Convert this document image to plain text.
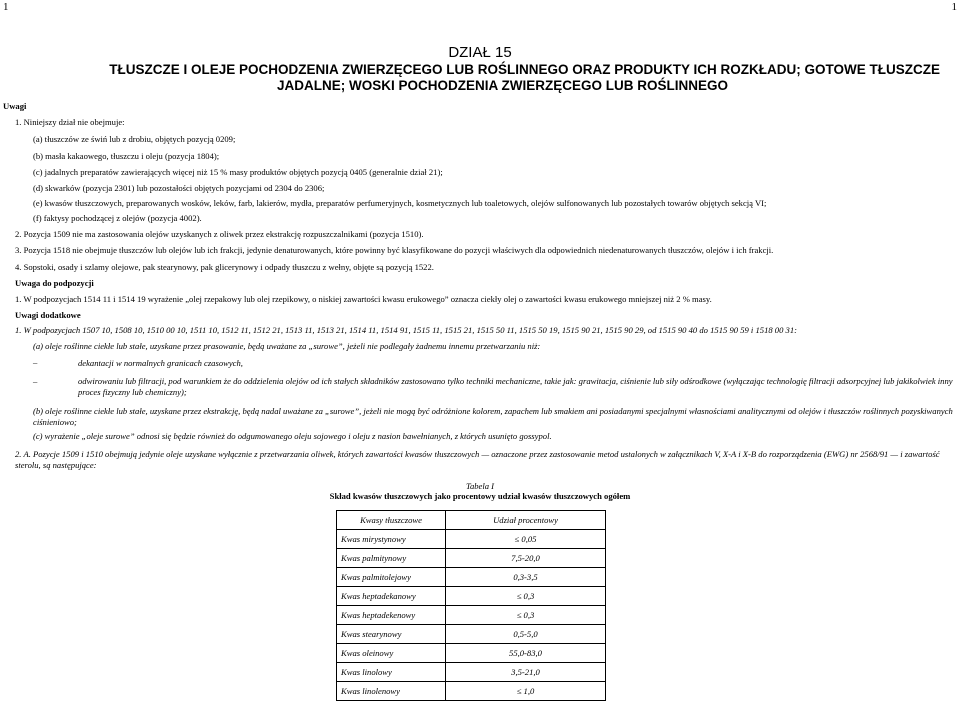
1	1
DZIAŁ 15
TŁUSZCZE I OLEJE POCHODZENIA ZWIERZĘCEGO LUB ROŚLINNEGO ORAZ PRODUKTY ICH ROZKŁADU; GOTOWE TŁUSZCZE
JADALNE; WOSKI POCHODZENIA ZWIERZĘCEGO LUB ROŚLINNEGO
Uwagi
1. Niniejszy dział nie obejmuje:
(a) tłuszczów ze świń lub z drobiu, objętych pozycją 0209;
(b) masła kakaowego, tłuszczu i oleju (pozycja 1804);
(c) jadalnych preparatów zawierających więcej niż 15 % masy produktów objętych pozycją 0405 (generalnie dział 21);
(d) skwarków (pozycja 2301) lub pozostałości objętych pozycjami od 2304 do 2306;
(e) kwasów tłuszczowych, preparowanych wosków, leków, farb, lakierów, mydła, preparatów perfumeryjnych, kosmetycznych lub toaletowych, olejów sulfonowanych lub pozostałych towarów objętych sekcją VI;
(f) faktysy pochodzącej z olejów (pozycja 4002).
2. Pozycja 1509 nie ma zastosowania olejów uzyskanych z oliwek przez ekstrakcję rozpuszczalnikami (pozycja 1510).
3. Pozycja 1518 nie obejmuje tłuszczów lub olejów lub ich frakcji, jedynie denaturowanych, które powinny być klasyfikowane do pozycji właściwych dla odpowiednich niedenaturowanych tłuszczów, olejów i ich frakcji.
4. Sopstoki, osady i szlamy olejowe, pak stearynowy, pak glicerynowy i odpady tłuszczu z wełny, objęte są pozycją 1522.
Uwaga do podpozycji
1. W podpozycjach 1514 11 i 1514 19 wyrażenie „olej rzepakowy lub olej rzepikowy, o niskiej zawartości kwasu erukowego” oznacza ciekły olej o zawartości kwasu erukowego mniejszej niż 2 % masy.
Uwagi dodatkowe
1. W podpozycjach 1507 10, 1508 10, 1510 00 10, 1511 10, 1512 11, 1512 21, 1513 11, 1513 21, 1514 11, 1514 91, 1515 11, 1515 21, 1515 50 11, 1515 50 19, 1515 90 21, 1515 90 29, od 1515 90 40 do 1515 90 59 i 1518 00 31:
(a) oleje roślinne ciekłe lub stałe, uzyskane przez prasowanie, będą uważane za „surowe”, jeżeli nie podlegały żadnemu innemu przetwarzaniu niż:
–	dekantacji w normalnych granicach czasowych,
–	odwirowaniu lub filtracji, pod warunkiem że do oddzielenia olejów od ich stałych składników zastosowano tylko techniki mechaniczne, takie jak: grawitacja, ciśnienie lub siły odśrodkowe (wyłączając technologię filtracji adsorpcyjnej lub jakikolwiek inny proces fizyczny lub chemiczny);
(b) oleje roślinne ciekłe lub stałe, uzyskane przez ekstrakcję, będą nadal uważane za „surowe”, jeżeli nie mogą być odróżnione kolorem, zapachem lub smakiem ani posiadanymi specjalnymi własnościami analitycznymi od olejów i tłuszczów roślinnych pozyskiwanych ciśnieniowo;
(c) wyrażenie „oleje surowe” odnosi się będzie również do odgumowanego oleju sojowego i oleju z nasion bawełnianych, z których usunięto gossypol.
2. A. Pozycje 1509 i 1510 obejmują jedynie oleje uzyskane wyłącznie z przetwarzania oliwek, których zawartości kwasów tłuszczowych — oznaczone przez zastosowanie metod ustalonych w załącznikach V, X-A i X-B do rozporządzenia (EWG) nr 2568/91 — i zawartość sterolu, są następujące:
Tabela I
Skład kwasów tłuszczowych jako procentowy udział kwasów tłuszczowych ogółem
Kwasy tłuszczowe	Udział procentowy
Kwas mirystynowy	≤ 0,05
Kwas palmitynowy	7,5-20,0
Kwas palmitolejowy	0,3-3,5
Kwas heptadekanowy	≤ 0,3
Kwas heptadekenowy	≤ 0,3
Kwas stearynowy	0,5-5,0
Kwas oleinowy	55,0-83,0
Kwas linolowy	3,5-21,0
Kwas linolenowy	≤ 1,0
